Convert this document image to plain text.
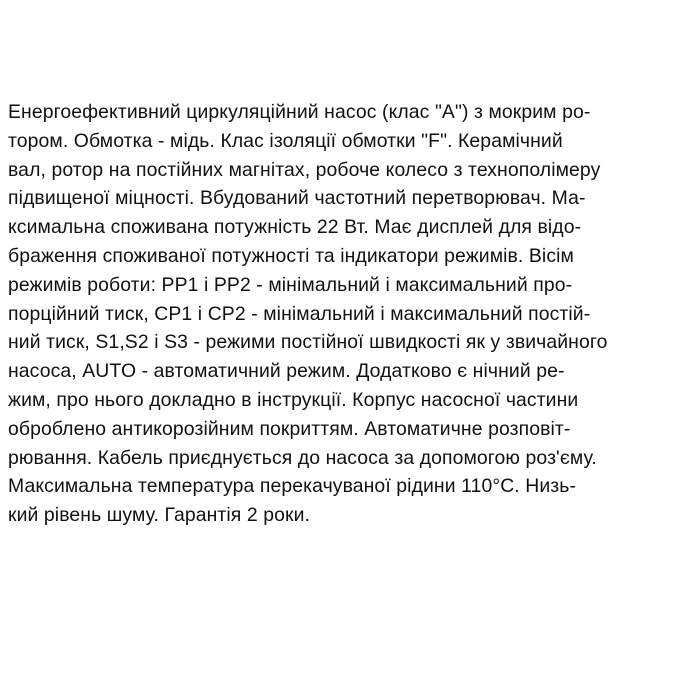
Енергоефективний циркуляційний насос (клас "А") з мокрим ро-
тором. Обмотка - мідь. Клас ізоляції обмотки "F". Керамічний
вал, ротор на постійних магнітах, робоче колесо з технополімеру
підвищеної міцності. Вбудований частотний перетворювач. Ма-
ксимальна споживана потужність 22 Вт. Має дисплей для відо-
браження споживаної потужності та індикатори режимів. Вісім
режимів роботи: PP1 і PP2 - мінімальний і максимальний про-
порційний тиск, CP1 і CP2 - мінімальний і максимальний постій-
ний тиск, S1,S2 і S3 - режими постійної швидкості як у звичайного
насоса, AUTO - автоматичний режим. Додатково є нічний ре-
жим, про нього докладно в інструкції. Корпус насосної частини
оброблено антикорозійним покриттям. Автоматичне розповіт-
рювання. Кабель приєднується до насоса за допомогою роз'єму.
Максимальна температура перекачуваної рідини 110°С. Низь-
кий рівень шуму. Гарантія 2 роки.
